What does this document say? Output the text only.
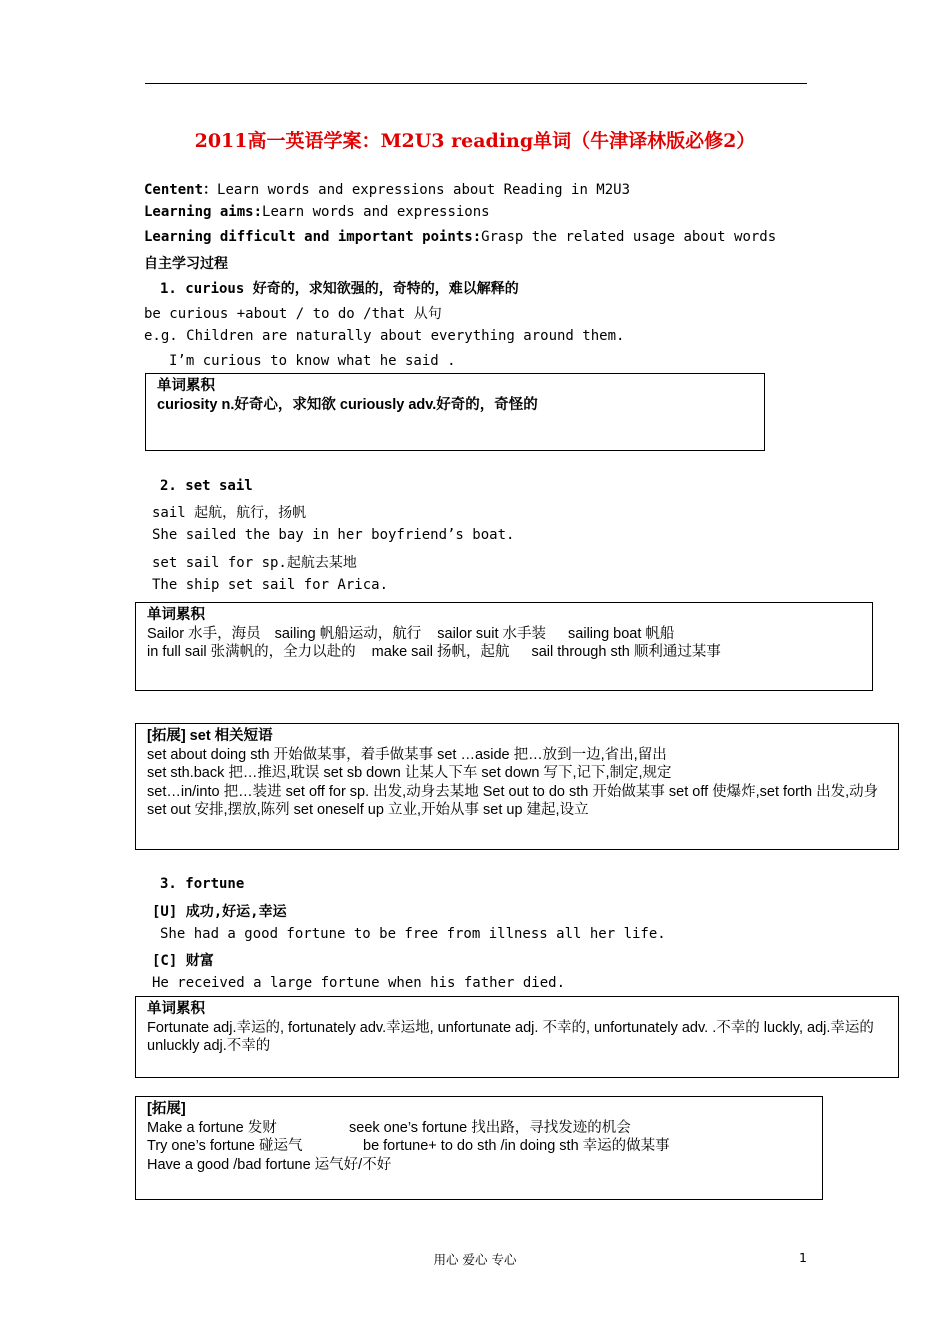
2011高一英语学案：M2U3 reading单词（牛津译林版必修2）
Centent：Learn words and expressions about Reading in M2U3
Learning aims:Learn words and expressions
Learning difficult and important points:Grasp the related usage about words
自主学习过程
1. curious 好奇的，求知欲强的，奇特的，难以解释的
be curious +about / to do /that 从句
e.g. Children are naturally about everything around them.
I’m curious to know what he said .
单词累积
curiosity n.好奇心，求知欲 curiously adv.好奇的，奇怪的
2. set sail
sail 起航，航行，扬帆
She sailed the bay in her boyfriend’s boat.
set sail for sp.起航去某地
The ship set sail for Arica.
单词累积
Sailor 水手，海员 sailing 帆船运动，航行 sailor suit 水手装 sailing boat 帆船
in full sail 张满帆的，全力以赴的 make sail 扬帆，起航 sail through sth 顺利通过某事
[拓展] set 相关短语
set about doing sth 开始做某事，着手做某事 set …aside 把…放到一边,省出,留出
set sth.back 把…推迟,耽误 set sb down 让某人下车 set down 写下,记下,制定,规定
set…in/into 把…装进 set off for sp. 出发,动身去某地 Set out to do sth 开始做某事 set off 使爆炸,set forth 出发,动身 set out 安排,摆放,陈列 set oneself up 立业,开始从事 set up 建起,设立
3. fortune
[U] 成功,好运,幸运
She had a good fortune to be free from illness all her life.
[C] 财富
He received a large fortune when his father died.
单词累积
Fortunate adj.幸运的, fortunately adv.幸运地, unfortunate adj. 不幸的, unfortunately adv. .不幸的 luckly, adj.幸运的 unluckly adj.不幸的
[拓展]
Make a fortune 发财	seek one’s fortune 找出路，寻找发迹的机会
Try one’s fortune 碰运气	be fortune+ to do sth /in doing sth 幸运的做某事
Have a good /bad fortune 运气好/不好
用心 爱心 专心	1
